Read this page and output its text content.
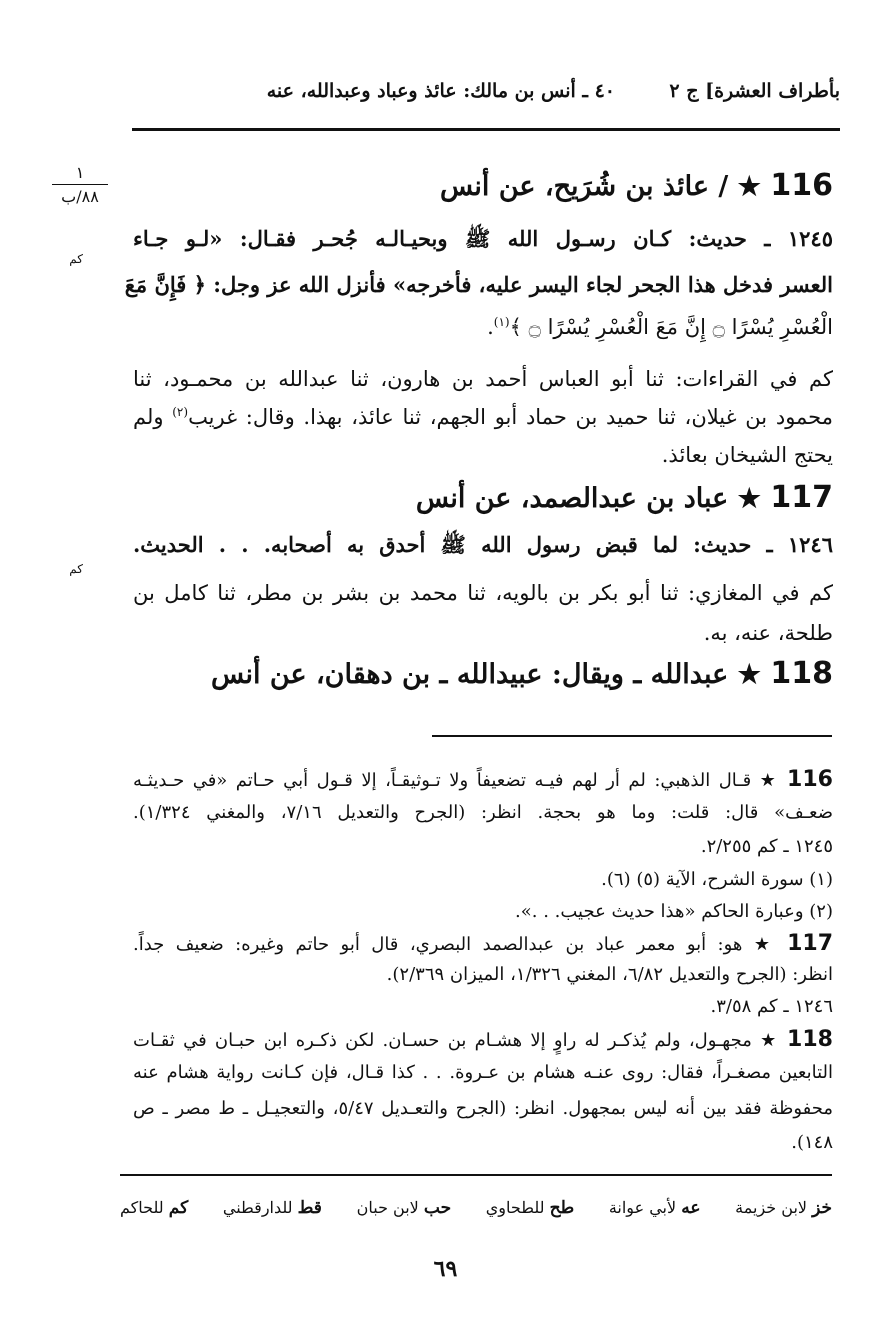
بأطراف العشرة] ج ٢
٤٠ ـ أنس بن مالك: عائذ وعباد وعبدالله، عنه
١
٨٨/ب	116 ★ / عائذ بن شُرَيح، عن أنس
١٢٤٥ ـ حديث: كـان رسـول الله ﷺ وبحيـالـه جُحـر فقـال: «لـو جـاء
كم
العسر فدخل هذا الجحر لجاء اليسر عليه، فأخرجه» فأنزل الله عز وجل: ﴿ فَإِنَّ مَعَ
الْعُسْرِ يُسْرًا ۝ إِنَّ مَعَ الْعُسْرِ يُسْرًا ۝ ﴾$^{(١)}$.
كم في القراءات: ثنا أبو العباس أحمد بن هارون، ثنا عبدالله بن محمـود، ثنا
محمود بن غيلان، ثنا حميد بن حماد أبو الجهم، ثنا عائذ، بهذا. وقال: غريب$^{(٢)}$ ولم
يحتج الشيخان بعائذ.
117 ★ عباد بن عبدالصمد، عن أنس
١٢٤٦ ـ حديث: لما قبض رسول الله ﷺ أحدق به أصحابه. . . الحديث.
كم
كم في المغازي: ثنا أبو بكر بن بالويه، ثنا محمد بن بشر بن مطر، ثنا كامل بن
طلحة، عنه، به.
118 ★ عبدالله ـ ويقال: عبيدالله ـ بن دهقان، عن أنس
116 ★ قـال الذهبي: لم أر لهم فيـه تضعيفاً ولا تـوثيقـاً، إلا قـول أبي حـاتم «في حـديثـه
ضعـف» قال: قلت: وما هو بحجة. انظر: (الجرح والتعديل ٧/١٦، والمغني ١/٣٢٤).
١٢٤٥ ـ كم ٢/٢٥٥.
(١) سورة الشرح، الآية (٥) (٦).
(٢) وعبارة الحاكم «هذا حديث عجيب. . .».
117 ★ هو: أبو معمر عباد بن عبدالصمد البصري، قال أبو حاتم وغيره: ضعيف جداً.
انظر: (الجرح والتعديل ٦/٨٢، المغني ١/٣٢٦، الميزان ٢/٣٦٩).
١٢٤٦ ـ كم ٣/٥٨.
118 ★ مجهـول، ولم يُذكـر له راوٍ إلا هشـام بن حسـان. لكن ذكـره ابن حبـان في ثقـات
التابعين مصغـراً، فقال: روى عنـه هشام بن عـروة. . . كذا قـال، فإن كـانت رواية هشام عنه
محفوظة فقد بين أنه ليس بمجهول. انظر: (الجرح والتعـديل ٥/٤٧، والتعجيـل ـ ط مصر ـ ص
١٤٨).
خز لابن خزيمة
عه لأبي عوانة
طح للطحاوي
حب لابن حبان
قط للدارقطني
كم للحاكم
٦٩
